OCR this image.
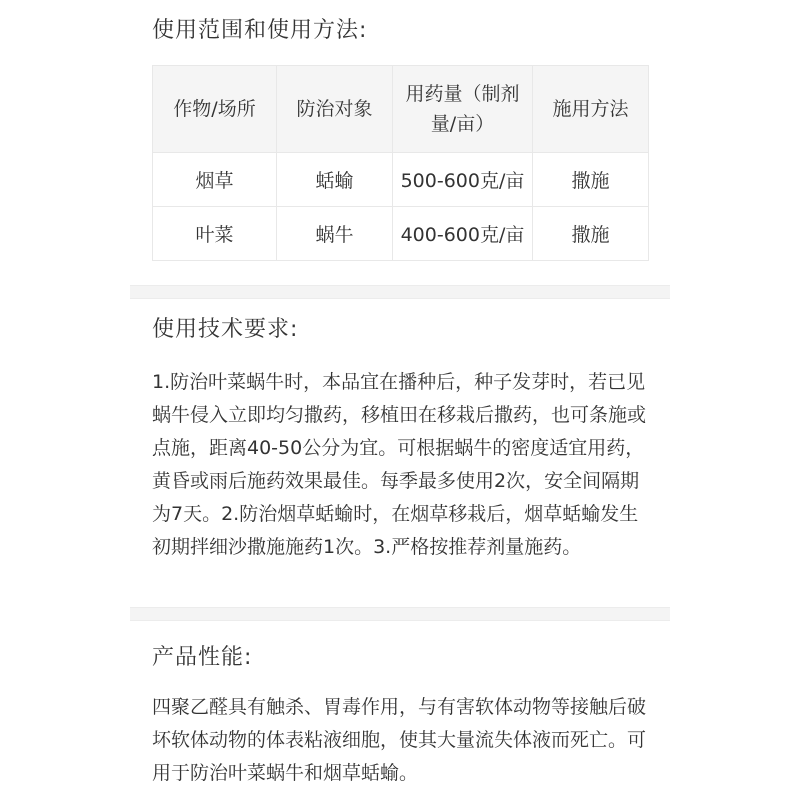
使用范围和使用方法:
作物/场所	防治对象	用药量（制剂量/亩）	施用方法
烟草	蛞蝓	500-600克/亩	撒施
叶菜	蜗牛	400-600克/亩	撒施
使用技术要求:

1.防治叶菜蜗牛时，本品宜在播种后，种子发芽时，若已见蜗牛侵入立即均匀撒药，移植田在移栽后撒药，也可条施或点施，距离40-50公分为宜。可根据蜗牛的密度适宜用药，黄昏或雨后施药效果最佳。每季最多使用2次，安全间隔期为7天。2.防治烟草蛞蝓时，在烟草移栽后，烟草蛞蝓发生初期拌细沙撒施施药1次。3.严格按推荐剂量施药。

产品性能:

四聚乙醛具有触杀、胃毒作用，与有害软体动物等接触后破坏软体动物的体表粘液细胞，使其大量流失体液而死亡。可用于防治叶菜蜗牛和烟草蛞蝓。
